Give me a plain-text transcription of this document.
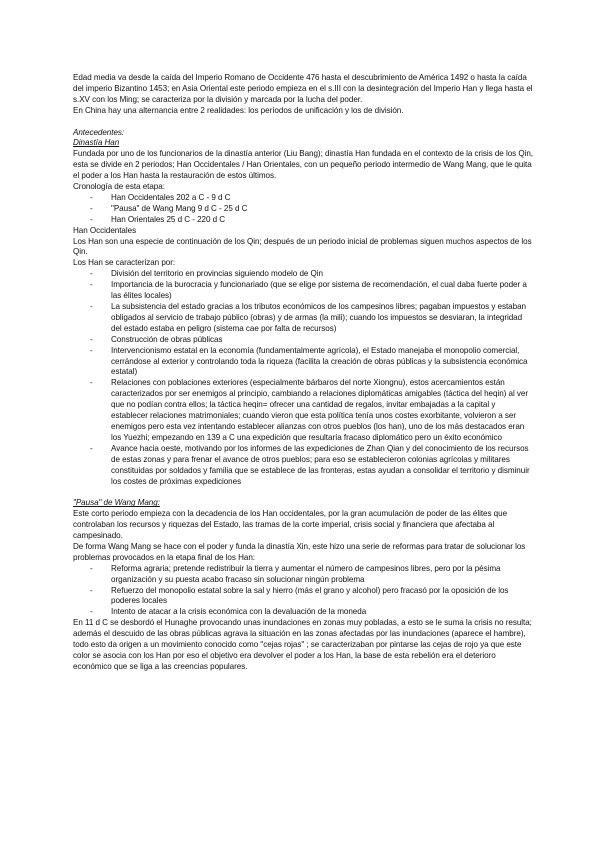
Edad media va desde la caída del Imperio Romano de Occidente 476 hasta el descubrimiento de América 1492 o hasta la caída del imperio Bizantino 1453; en Asia Oriental este periodo empieza en el s.III con la desintegración del Imperio Han y llega hasta el s.XV con los Ming; se caracteriza por la división y marcada por la lucha del poder.

En China hay una alternancia entre 2 realidades: los períodos de unificación y los de división.

Antecedentes:

Dinastía Han

Fundada por uno de los funcionarios de la dinastía anterior (Liu Bang); dinastía Han fundada en el contexto de la crisis de los Qin, esta se divide en 2 periodos; Han Occidentales / Han Orientales, con un pequeño periodo intermedio de Wang Mang, que le quita el poder a los Han hasta la restauración de estos últimos.

Cronología de esta etapa:

- Han Occidentales 202 a C - 9 d C
- "Pausa" de Wang Mang 9 d C - 25 d C
- Han Orientales 25 d C - 220 d C

Han Occidentales

Los Han son una especie de continuación de los Qin; después de un periodo inicial de problemas siguen muchos aspectos de los Qin.

Los Han se caracterizan por:

- División del territorio en provincias siguiendo modelo de Qin
- Importancia de la burocracia y funcionariado (que se elige por sistema de recomendación, el cual daba fuerte poder a las élites locales)
- La subsistencia del estado gracias a los tributos económicos de los campesinos libres; pagaban impuestos y estaban obligados al servicio de trabajo público (obras) y de armas (la mili); cuando los impuestos se desviaran, la integridad del estado estaba en peligro (sistema cae por falta de recursos)
- Construcción de obras públicas
- Intervencionismo estatal en la economía (fundamentalmente agrícola), el Estado manejaba el monopolio comercial, cerrándose al exterior y controlando toda la riqueza (facilita la creación de obras públicas y la subsistencia económica estatal)
- Relaciones con poblaciones exteriores (especialmente bárbaros del norte Xiongnu), estos acercamientos están caracterizados por ser enemigos al principio, cambiando a relaciones diplomáticas amigables (táctica del heqin) al ver que no podían contra ellos; la táctica heqin= ofrecer una cantidad de regalos, invitar embajadas a la capital y establecer relaciones matrimoniales; cuando vieron que esta política tenía unos costes exorbitante, volvieron a ser enemigos pero esta vez intentando establecer alianzas con otros pueblos (los han), uno de los más destacados eran los Yuezhi; empezando en 139 a C una expedición que resultaría fracaso diplomático pero un éxito económico
- Avance hacia oeste, motivando por los informes de las expediciones de Zhan Qian y del conocimiento de los recursos de estas zonas y para frenar el avance de otros pueblos; para eso se establecieron colonias agrícolas y militares constituidas por soldados y familia que se establece de las fronteras, estas ayudan a consolidar el territorio y disminuir los costes de próximas expediciones

"Pausa" de Wang Mang:

Este corto periodo empieza con la decadencia de los Han occidentales, por la gran acumulación de poder de las élites que controlaban los recursos y riquezas del Estado, las tramas de la corte imperial, crisis social y financiera que afectaba al campesinado.

De forma Wang Mang se hace con el poder y funda la dinastía Xin, este hizo una serie de reformas para tratar de solucionar los problemas provocados en la etapa final de los Han:

- Reforma agraria; pretende redistribuir la tierra y aumentar el número de campesinos libres, pero por la pésima organización y su puesta acabo fracaso sin solucionar ningún problema
- Refuerzo del monopolio estatal sobre la sal y hierro (más el grano y alcohol) pero fracasó por la oposición de los poderes locales
- Intento de atacar a la crisis económica con la devaluación de la moneda

En 11 d C se desbordó el Hunaghe provocando unas inundaciones en zonas muy pobladas, a esto se le suma la crisis no resulta; además el descuido de las obras públicas agrava la situación en las zonas afectadas por las inundaciones (aparece el hambre), todo esto da origen a un movimiento conocido como "cejas rojas" ; se caracterizaban por pintarse las cejas de rojo ya que este color se asocia con los Han por eso el objetivo era devolver el poder a los Han, la base de esta rebelión era el deterioro económico que se liga a las creencias populares.
